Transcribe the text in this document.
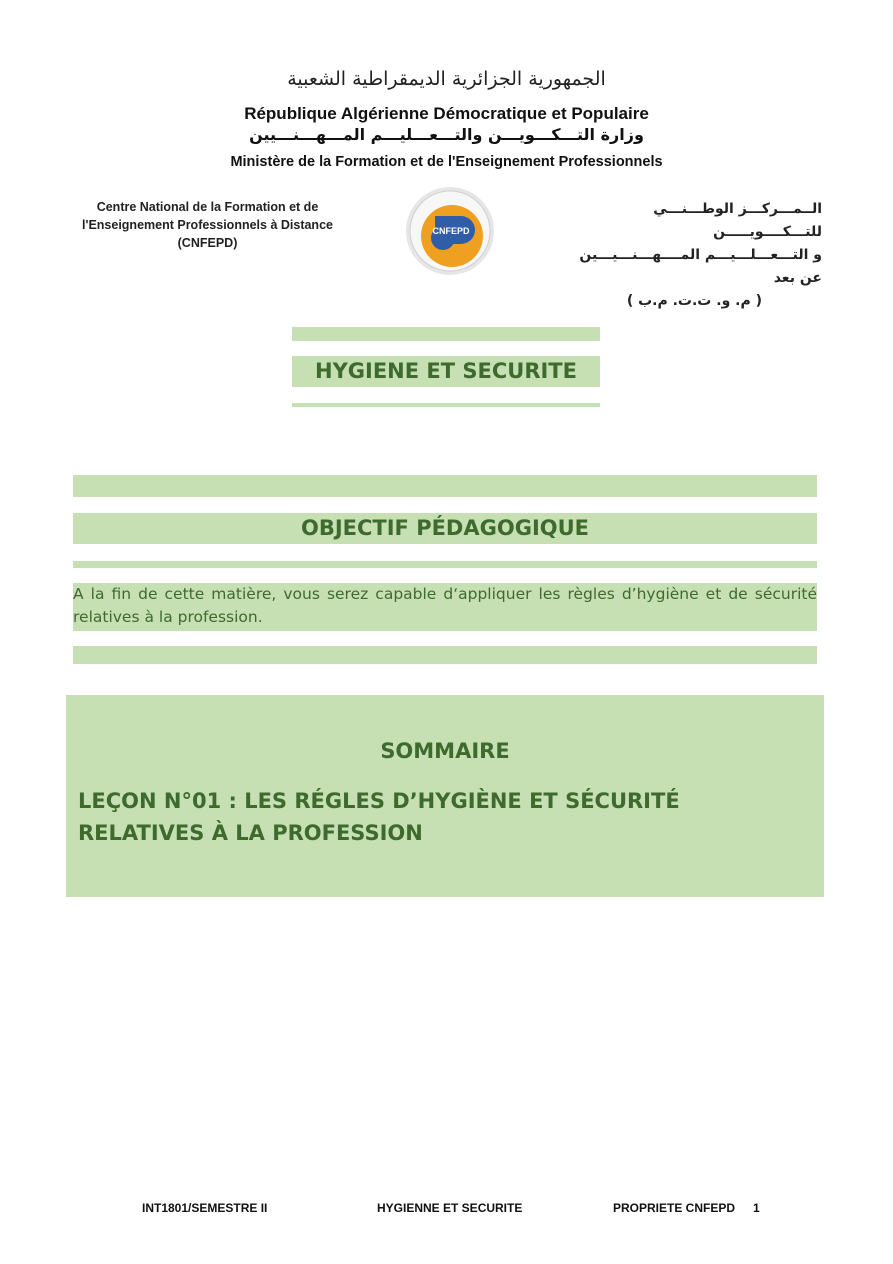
الجمهورية الجزائرية الديمقراطية الشعبية
République Algérienne Démocratique et Populaire
وزارة التـــكـــويـــن والتـــعـــليـــم المـــهـــنـــيين
Ministère de la Formation et de l'Enseignement Professionnels
Centre National de la Formation et de
l'Enseignement Professionnels à Distance
(CNFEPD)
الــمـــركـــز الوطـــنـــي للتـــكــــويـــــن
و التـــعـــلـــيـــم المــــهـــنـــيـــين عن بعد
( م. و. ت.ت. م.ب )
CNFEPD
HYGIENE ET SECURITE
OBJECTIF PÉDAGOGIQUE
A la fin de cette matière, vous serez capable d‘appliquer les règles d’hygiène et de sécurité relatives à la profession.
SOMMAIRE
LEÇON N°01 : LES RÉGLES D’HYGIÈNE ET SÉCURITÉ RELATIVES À LA PROFESSION
INT1801/SEMESTRE II	HYGIENNE ET SECURITE	PROPRIETE CNFEPD 1
